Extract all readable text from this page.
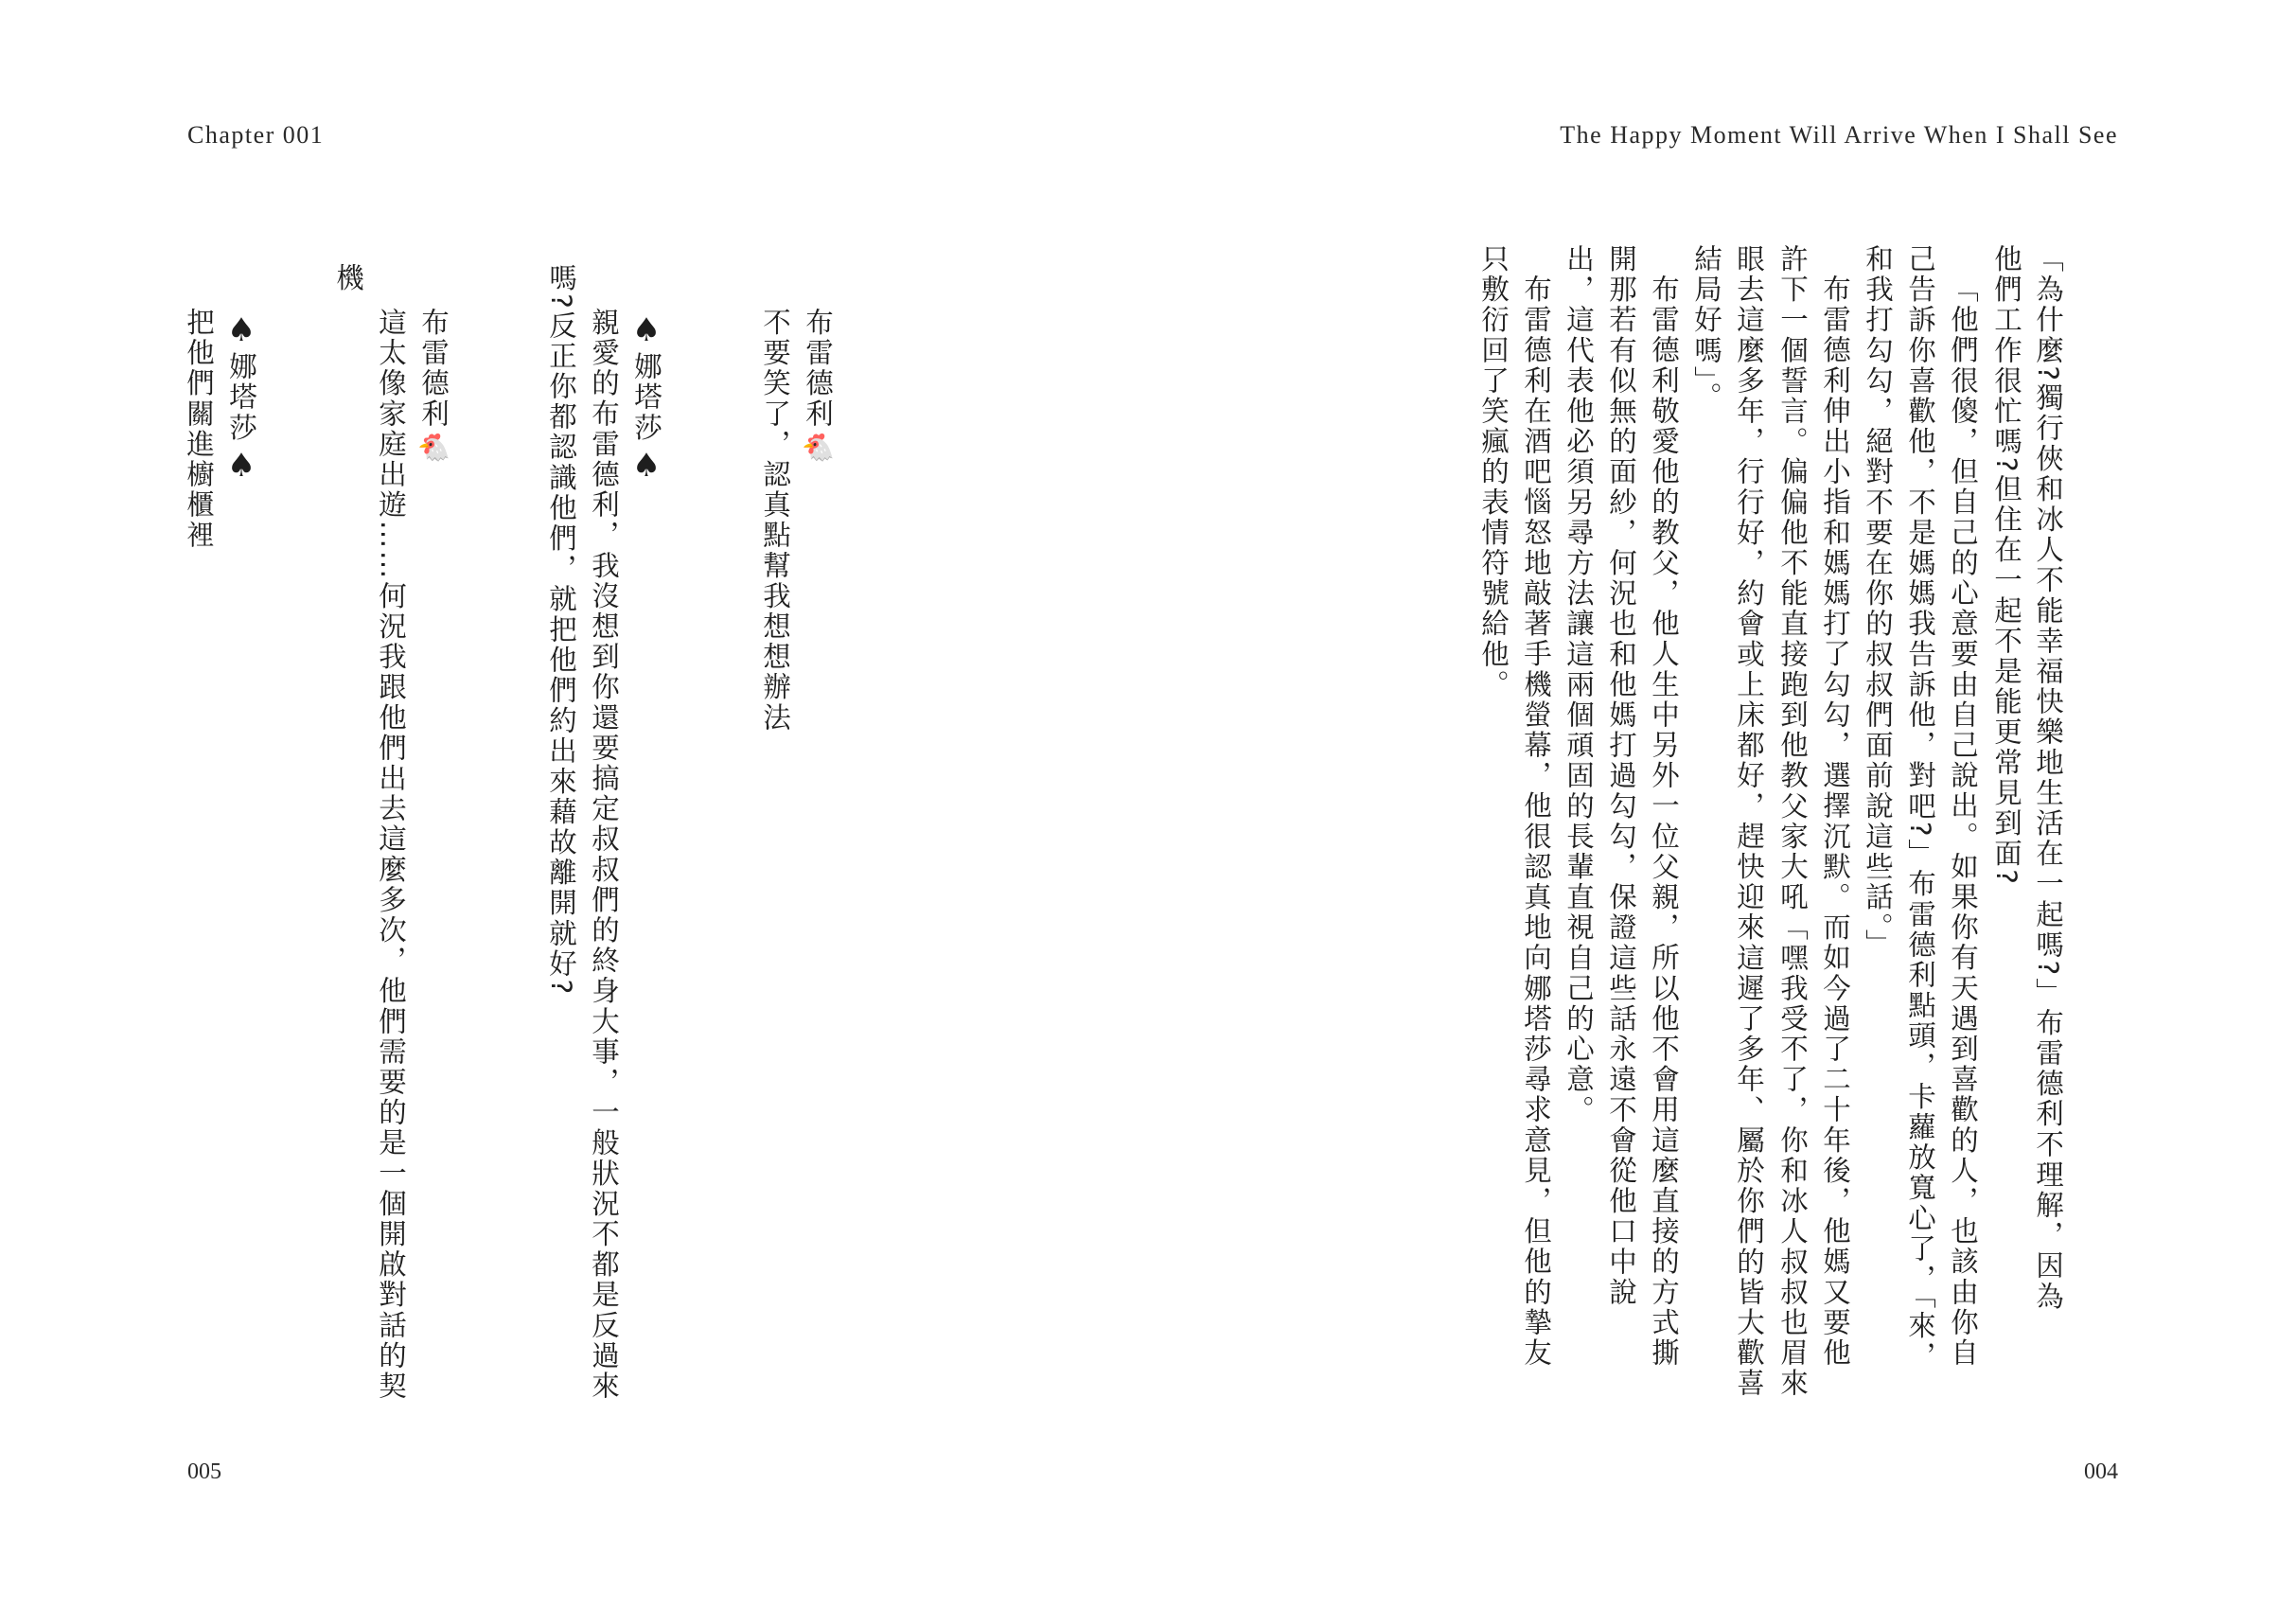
Chapter 001	The Happy Moment Will Arrive When I Shall See
「為什麼?獨行俠和冰人不能幸福快樂地生活在一起嗎?」布雷德利不理解，因為
他們工作很忙嗎?但住在一起不是能更常見到面?
「他們很傻，但自己的心意要由自己說出。如果你有天遇到喜歡的人，也該由你自
己告訴你喜歡他，不是媽媽我告訴他，對吧?」布雷德利點頭，卡蘿放寬心了，「來，
和我打勾勾，絕對不要在你的叔叔們面前說這些話。」
布雷德利伸出小指和媽媽打了勾勾，選擇沉默。而如今過了二十年後，他媽又要他
許下一個誓言。偏偏他不能直接跑到他教父家大吼「嘿我受不了，你和冰人叔叔也眉來
眼去這麼多年，行行好，約會或上床都好，趕快迎來這遲了多年、屬於你們的皆大歡喜
結局好嗎」。
布雷德利敬愛他的教父，他人生中另外一位父親，所以他不會用這麼直接的方式撕
開那若有似無的面紗，何況也和他媽打過勾勾，保證這些話永遠不會從他口中說
出，這代表他必須另尋方法讓這兩個頑固的長輩直視自己的心意。
布雷德利在酒吧惱怒地敲著手機螢幕，他很認真地向娜塔莎尋求意見，但他的摯友
只敷衍回了笑瘋的表情符號給他。
布雷德利🐔
不要笑了，認真點幫我想想辦法
♠娜塔莎♠
親愛的布雷德利，我沒想到你還要搞定叔叔們的終身大事，一般狀況不都是反過來
嗎?反正你都認識他們，就把他們約出來藉故離開就好?
布雷德利🐔
這太像家庭出遊……何況我跟他們出去這麼多次，他們需要的是一個開啟對話的契
機
♠娜塔莎♠
把他們關進櫥櫃裡
005	004
